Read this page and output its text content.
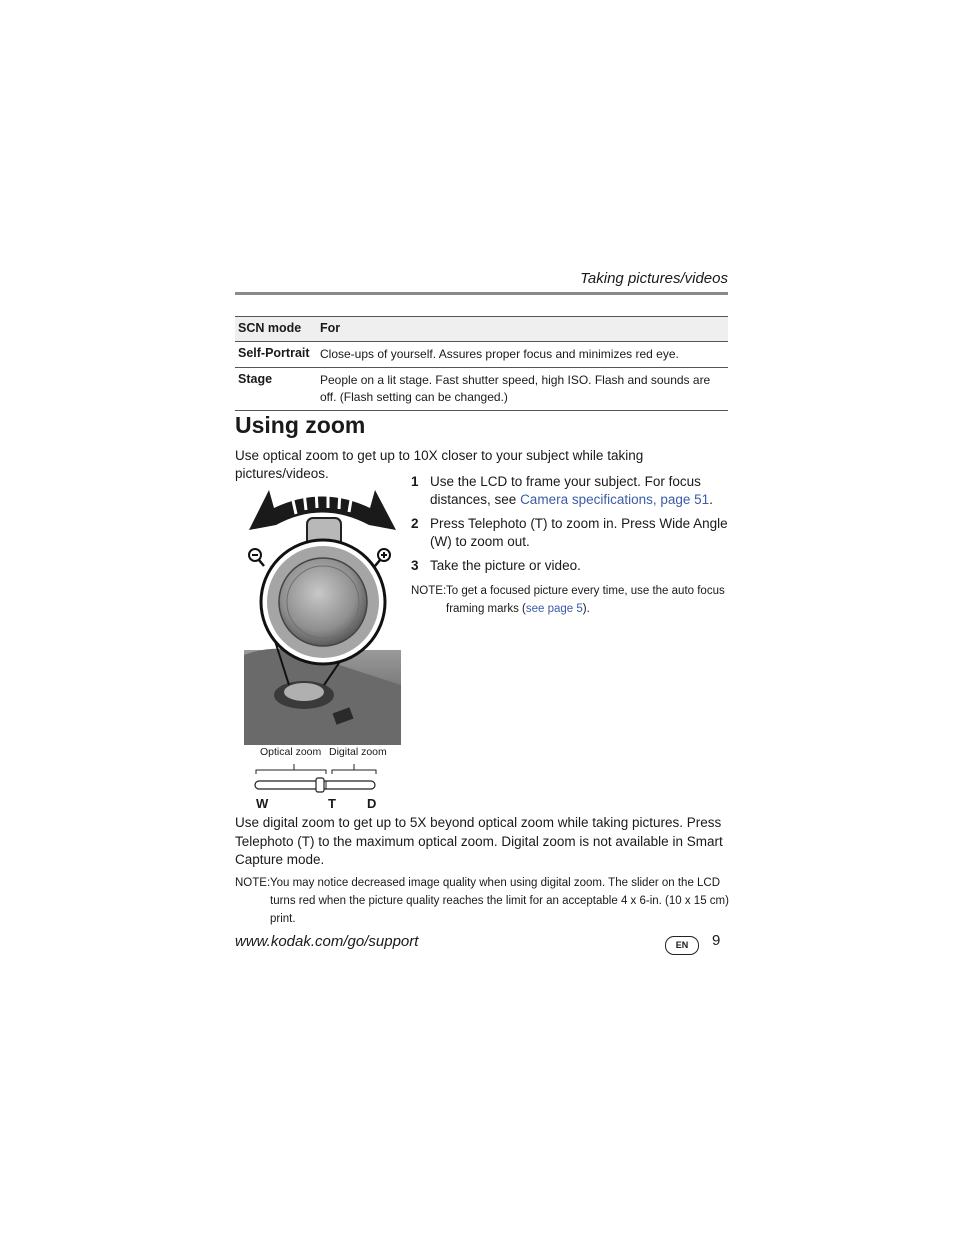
Taking pictures/videos
SCN mode	For
Self-Portrait	Close-ups of yourself. Assures proper focus and minimizes red eye.
Stage	People on a lit stage. Fast shutter speed, high ISO. Flash and sounds are off. (Flash setting can be changed.)
Using zoom
Use optical zoom to get up to 10X closer to your subject while taking pictures/videos.
1 Use the LCD to frame your subject. For focus distances, see Camera specifications, page 51.
2 Press Telephoto (T) to zoom in. Press Wide Angle (W) to zoom out.
3 Take the picture or video.
NOTE: To get a focused picture every time, use the auto focus framing marks (see page 5).
Optical zoom Digital zoom
W	T D
Use digital zoom to get up to 5X beyond optical zoom while taking pictures. Press Telephoto (T) to the maximum optical zoom. Digital zoom is not available in Smart Capture mode.
NOTE: You may notice decreased image quality when using digital zoom. The slider on the LCD turns red when the picture quality reaches the limit for an acceptable 4 x 6-in. (10 x 15 cm) print.
www.kodak.com/go/support	EN	9
